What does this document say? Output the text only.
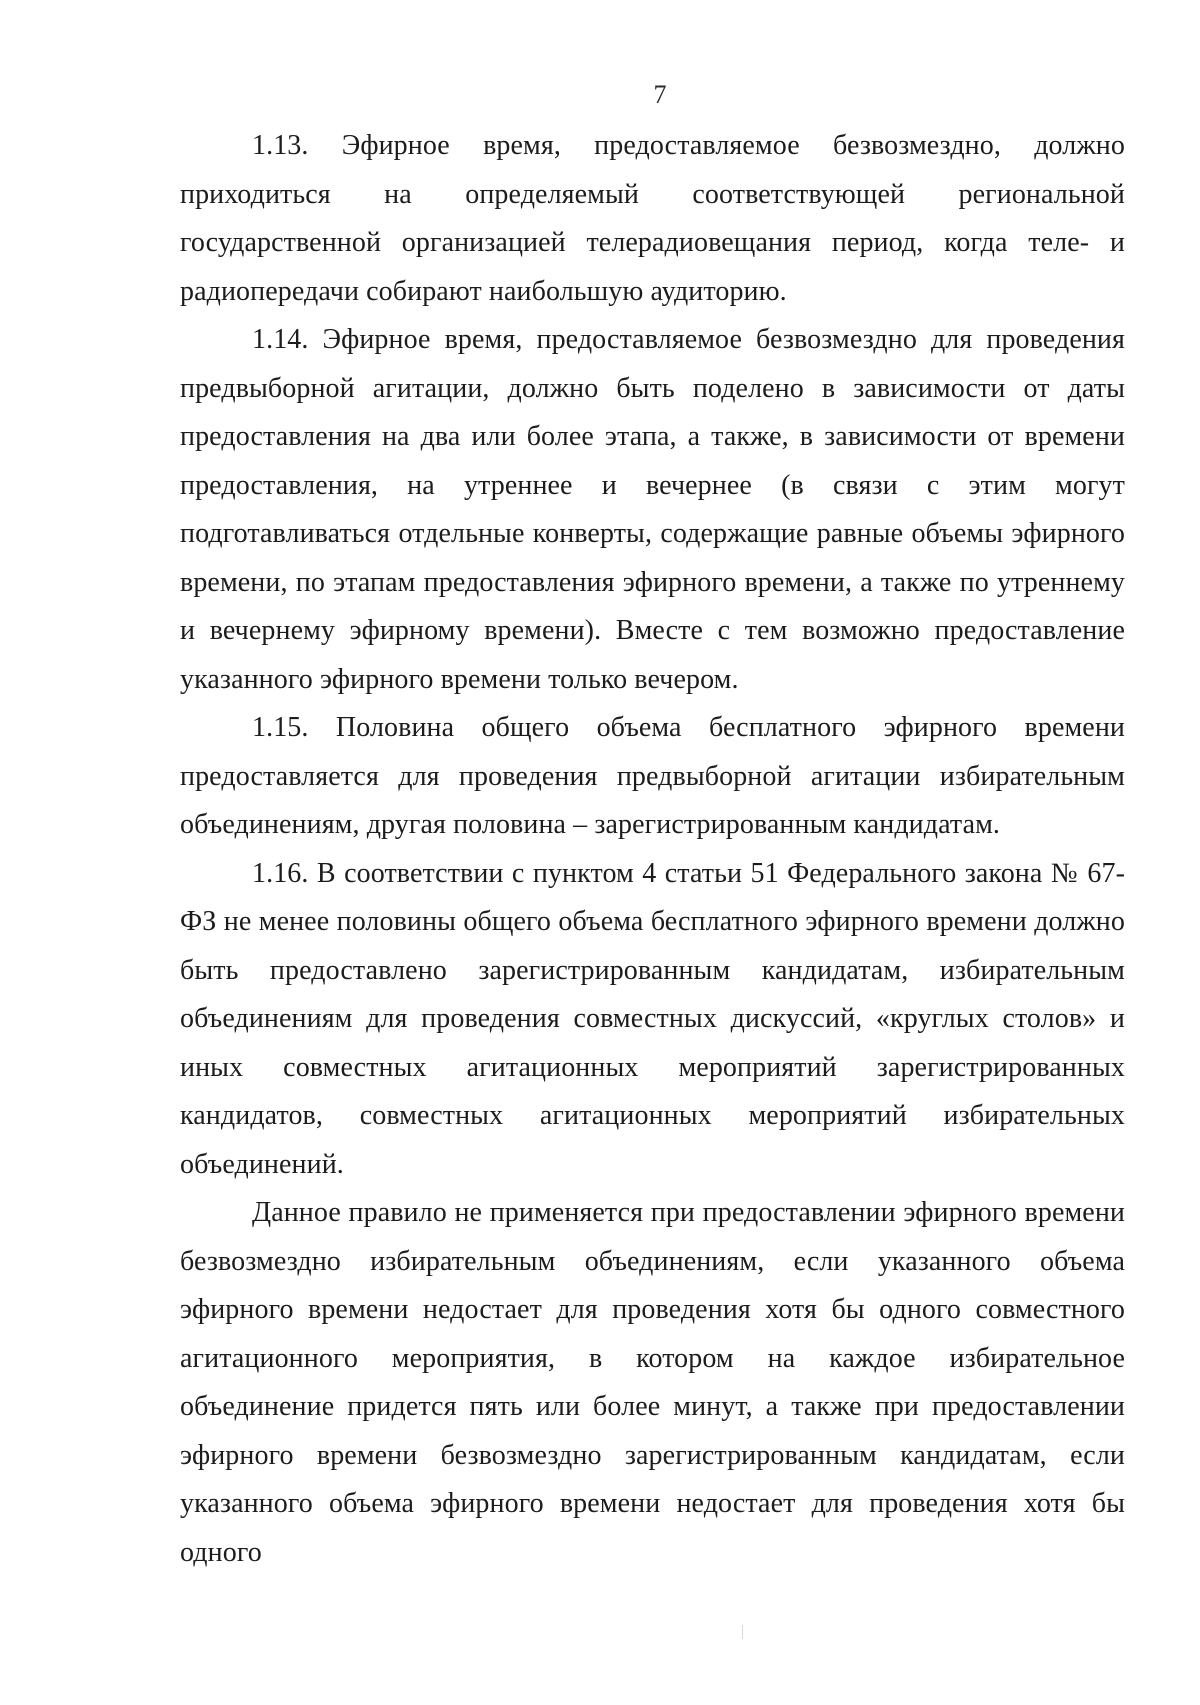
7

1.13. Эфирное время, предоставляемое безвозмездно, должно приходиться на определяемый соответствующей региональной государственной организацией телерадиовещания период, когда теле- и радиопередачи собирают наибольшую аудиторию.

1.14. Эфирное время, предоставляемое безвозмездно для проведения предвыборной агитации, должно быть поделено в зависимости от даты предоставления на два или более этапа, а также, в зависимости от времени предоставления, на утреннее и вечернее (в связи с этим могут подготавливаться отдельные конверты, содержащие равные объемы эфирного времени, по этапам предоставления эфирного времени, а также по утреннему и вечернему эфирному времени). Вместе с тем возможно предоставление указанного эфирного времени только вечером.

1.15. Половина общего объема бесплатного эфирного времени предоставляется для проведения предвыборной агитации избирательным объединениям, другая половина – зарегистрированным кандидатам.

1.16. В соответствии с пунктом 4 статьи 51 Федерального закона № 67-ФЗ не менее половины общего объема бесплатного эфирного времени должно быть предоставлено зарегистрированным кандидатам, избирательным объединениям для проведения совместных дискуссий, «круглых столов» и иных совместных агитационных мероприятий зарегистрированных кандидатов, совместных агитационных мероприятий избирательных объединений.

Данное правило не применяется при предоставлении эфирного времени безвозмездно избирательным объединениям, если указанного объема эфирного времени недостает для проведения хотя бы одного совместного агитационного мероприятия, в котором на каждое избирательное объединение придется пять или более минут, а также при предоставлении эфирного времени безвозмездно зарегистрированным кандидатам, если указанного объема эфирного времени недостает для проведения хотя бы одного
